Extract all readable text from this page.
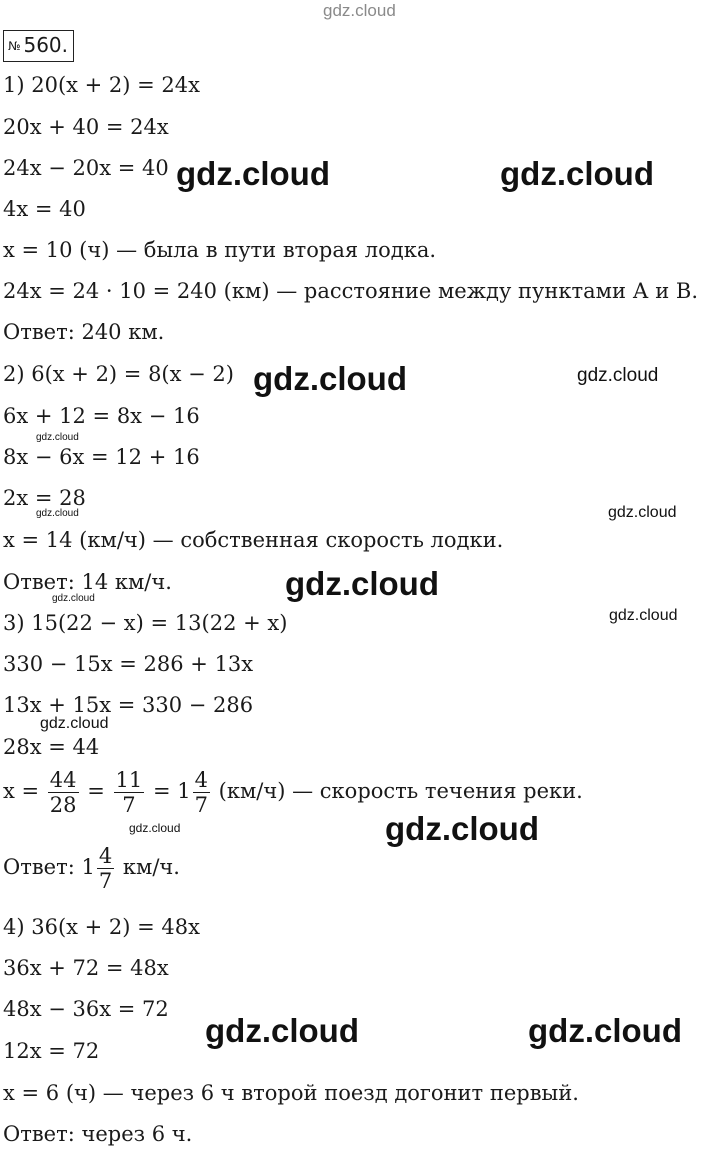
gdz.cloud
№ 560.
1) 20(x + 2) = 24x
20x + 40 = 24x
24x − 20x = 40
4x = 40
x = 10 (ч) — была в пути вторая лодка.
24x = 24 · 10 = 240 (км) — расстояние между пунктами А и В.
Ответ: 240 км.
2) 6(x + 2) = 8(x − 2)
6x + 12 = 8x − 16
8x − 6x = 12 + 16
2x = 28
x = 14 (км/ч) — собственная скорость лодки.
Ответ: 14 км/ч.
3) 15(22 − x) = 13(22 + x)
330 − 15x = 286 + 13x
13x + 15x = 330 − 286
28x = 44
$x = \frac{44}{28} = \frac{11}{7} = 1 \frac{4}{7} (км/ч)$ — скорость течения реки.
Ответ: $1 \frac{4}{7} км/ч$.
4) 36(x + 2) = 48x
36x + 72 = 48x
48x − 36x = 72
12x = 72
x = 6 (ч) — через 6 ч второй поезд догонит первый.
Ответ: через 6 ч.
gdz.cloud	gdz.cloud
gdz.cloud	gdz.cloud
gdz.cloud
gdz.cloud	gdz.cloud
gdz.cloud
gdz.cloud
gdz.cloud
gdz.cloud
gdz.cloud	gdz.cloud
gdz.cloud	gdz.cloud
